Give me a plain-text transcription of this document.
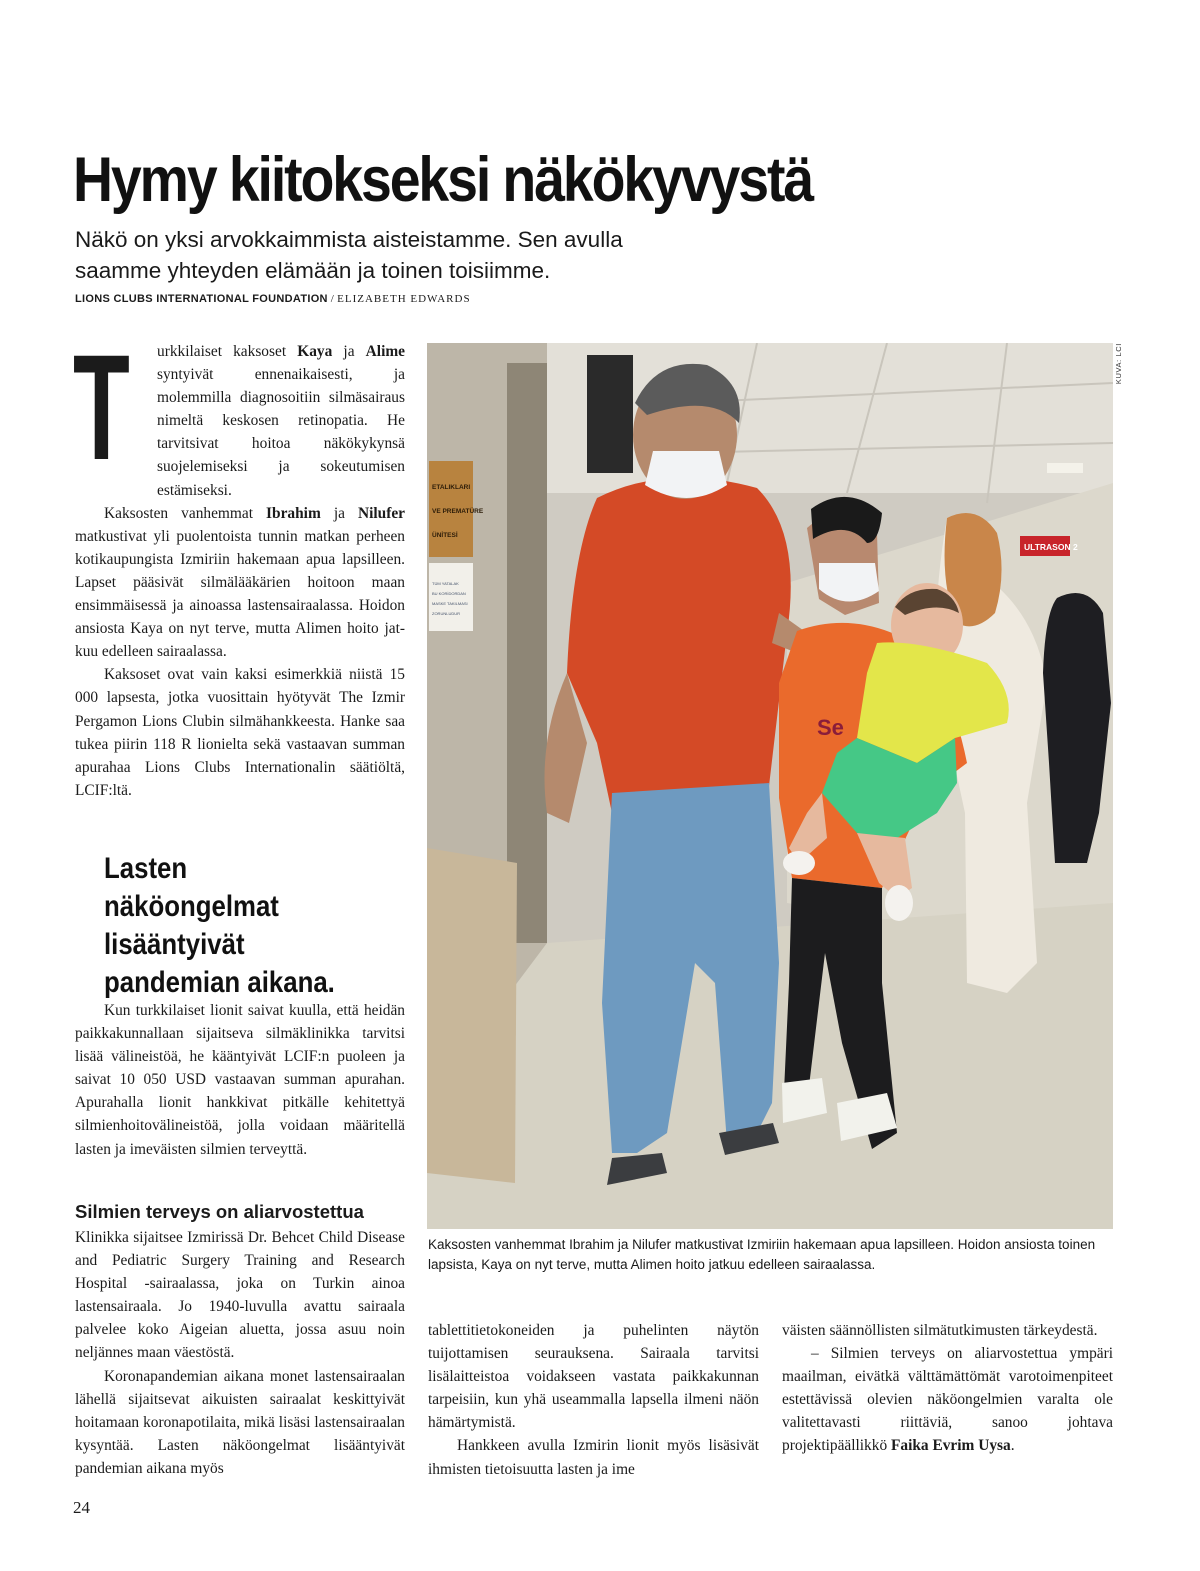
Hymy kiitokseksi näkökyvystä

Näkö on yksi arvokkaimmista aisteistamme. Sen avulla saamme yhteyden elämään ja toinen toisiimme.

LIONS CLUBS INTERNATIONAL FOUNDATION / ELIZABETH EDWARDS

T urkkilaiset kaksoset Kaya ja Alime syntyivät ennenaikaisesti, ja molemmilla diagnosoitiin silmäsairaus nimeltä keskosen retinopatia. He tarvitsivat hoitoa näkökykynsä suojelemiseksi ja sokeutumisen estämiseksi.

Kaksosten vanhemmat Ibrahim ja Nilufer matkustivat yli puolentoista tunnin matkan perheen kotikaupungista Izmiriin hakemaan apua lapsilleen. Lapset pääsivät silmälääkärien hoitoon maan ensimmäisessä ja ainoassa lastensairaalassa. Hoidon ansiosta Kaya on nyt terve, mutta Alimen hoito jatkuu edelleen sairaalassa.

Kaksoset ovat vain kaksi esimerkkiä niistä 15 000 lapsesta, jotka vuosittain hyötyvät The Izmir Pergamon Lions Clubin silmähankkeesta. Hanke saa tukea piirin 118 R lionielta sekä vastaavan summan apurahaa Lions Clubs Internationalin säätiöltä, LCIF:ltä.

Lasten näköongelmat lisääntyivät pandemian aikana.

Kun turkkilaiset lionit saivat kuulla, että heidän paikkakunnallaan sijaitseva silmäklinikka tarvitsi lisää välineistöä, he kääntyivät LCIF:n puoleen ja saivat 10 050 USD vastaavan summan apurahan. Apurahalla lionit hankkivat pitkälle kehitettyä silmienhoitovälineistöä, jolla voidaan määritellä lasten ja imeväisten silmien terveyttä.

Silmien terveys on aliarvostettua

Klinikka sijaitsee Izmirissä Dr. Behcet Child Disease and Pediatric Surgery Training and Research Hospital -sairaalassa, joka on Turkin ainoa lastensairaala. Jo 1940-luvulla avattu sairaala palvelee koko Aigeian aluetta, jossa asuu noin neljännes maan väestöstä.

Koronapandemian aikana monet lastensairaalan lähellä sijaitsevat aikuisten sairaalat keskittyivät hoitamaan koronapotilaita, mikä lisäsi lastensairaalan kysyntää. Lasten näköongelmat lisääntyivät pandemian aikana myös

ETALIKLARI
VE PREMATÜRE
ÜNİTESİ
TÜM YATALAK
BU KORİDORDAN
MASKE TAKILMASI
ZORUNLUDUR
ULTRASON 2
Se
KUVA: LCI

Kaksosten vanhemmat Ibrahim ja Nilufer matkustivat Izmiriin hakemaan apua lapsilleen. Hoidon ansiosta toinen lapsista, Kaya on nyt terve, mutta Alimen hoito jatkuu edelleen sairaalassa.

tablettitietokoneiden ja puhelinten näytön tuijottamisen seurauksena. Sairaala tarvitsi lisälaitteistoa voidakseen vastata paikkakunnan tarpeisiin, kun yhä useammalla lapsella ilmeni näön hämärtymistä.

Hankkeen avulla Izmirin lionit myös lisäsivät ihmisten tietoisuutta lasten ja ime

väisten säännöllisten silmätutkimusten tärkeydestä.

– Silmien terveys on aliarvostettua ympäri maailman, eivätkä välttämättömät varotoimenpiteet estettävissä olevien näköongelmien varalta ole valitettavasti riittäviä, sanoo johtava projektipäällikkö Faika Evrim Uysa.

24
